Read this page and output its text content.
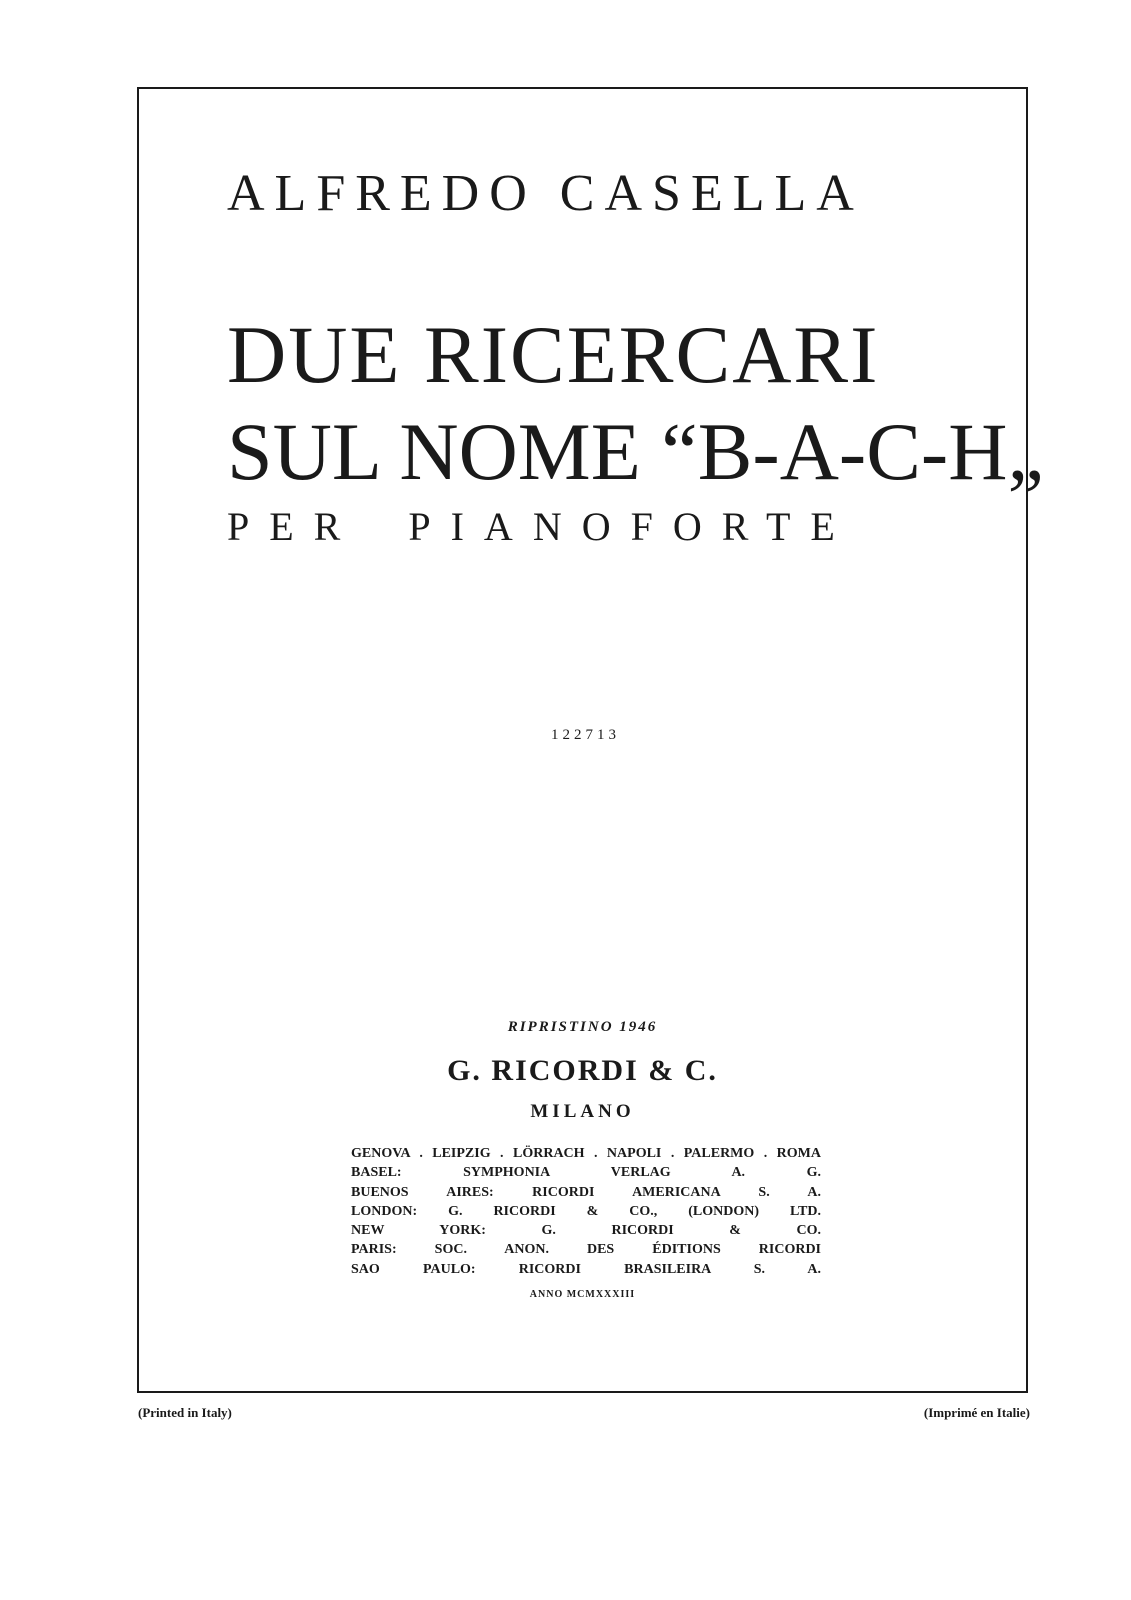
ALFREDO CASELLA
DUE RICERCARI
SUL NOME “B-A-C-H„
PER PIANOFORTE
122713
RIPRISTINO 1946
G. RICORDI & C.
MILANO
GENOVA . LEIPZIG . LÖRRACH . NAPOLI . PALERMO . ROMA
BASEL: SYMPHONIA VERLAG A. G.
BUENOS AIRES: RICORDI AMERICANA S. A.
LONDON: G. RICORDI & CO., (LONDON) LTD.
NEW YORK: G. RICORDI & CO.
PARIS: SOC. ANON. DES ÉDITIONS RICORDI
SAO PAULO: RICORDI BRASILEIRA S. A.
ANNO MCMXXXIII
(Printed in Italy)	(Imprimé en Italie)
